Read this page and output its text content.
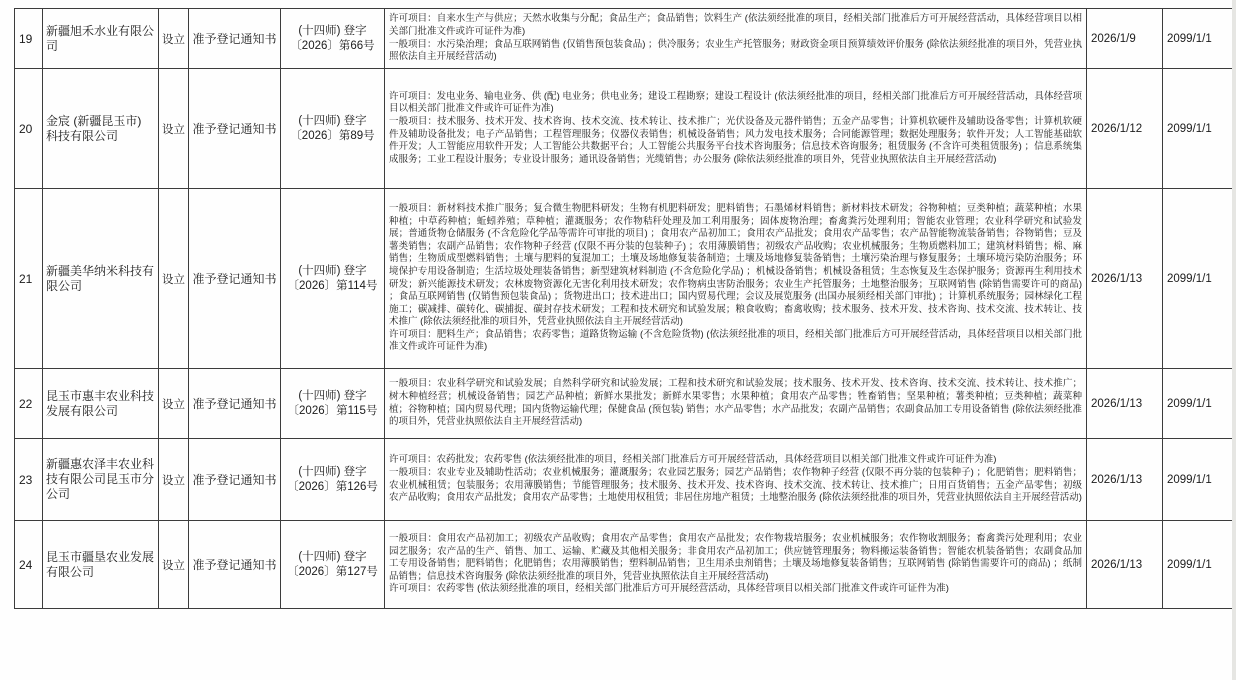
19	新疆旭禾水业有限公司	设立	准予登记通知书	(十四师) 登字〔2026〕第66号	许可项目：自来水生产与供应；天然水收集与分配；食品生产；食品销售；饮料生产 (依法须经批准的项目，经相关部门批准后方可开展经营活动，具体经营项目以相关部门批准文件或许可证件为准)
一般项目：水污染治理；食品互联网销售 (仅销售预包装食品) ；供冷服务；农业生产托管服务；财政资金项目预算绩效评价服务 (除依法须经批准的项目外，凭营业执照依法自主开展经营活动)	2026/1/9	2099/1/1
20	金宸 (新疆昆玉市) 科技有限公司	设立	准予登记通知书	(十四师) 登字〔2026〕第89号	许可项目：发电业务、输电业务、供 (配) 电业务；供电业务；建设工程勘察；建设工程设计 (依法须经批准的项目，经相关部门批准后方可开展经营活动，具体经营项目以相关部门批准文件或许可证件为准)
一般项目：技术服务、技术开发、技术咨询、技术交流、技术转让、技术推广；光伏设备及元器件销售；五金产品零售；计算机软硬件及辅助设备零售；计算机软硬件及辅助设备批发；电子产品销售；工程管理服务；仪器仪表销售；机械设备销售；风力发电技术服务；合同能源管理；数据处理服务；软件开发；人工智能基础软件开发；人工智能应用软件开发；人工智能公共数据平台；人工智能公共服务平台技术咨询服务；信息技术咨询服务；租赁服务 (不含许可类租赁服务) ；信息系统集成服务；工业工程设计服务；专业设计服务；通讯设备销售；光缆销售；办公服务 (除依法须经批准的项目外，凭营业执照依法自主开展经营活动)	2026/1/12	2099/1/1
21	新疆美华纳米科技有限公司	设立	准予登记通知书	(十四师) 登字〔2026〕第114号	一般项目：新材料技术推广服务；复合微生物肥料研发；生物有机肥料研发；肥料销售；石墨烯材料销售；新材料技术研发；谷物种植；豆类种植；蔬菜种植；水果种植；中草药种植；蚯蚓养殖；草种植；灌溉服务；农作物秸秆处理及加工利用服务；固体废物治理；畜禽粪污处理利用；智能农业管理；农业科学研究和试验发展；普通货物仓储服务 (不含危险化学品等需许可审批的项目) ；食用农产品初加工；食用农产品批发；食用农产品零售；农产品智能物流装备销售；谷物销售；豆及薯类销售；农副产品销售；农作物种子经营 (仅限不再分装的包装种子) ；农用薄膜销售；初级农产品收购；农业机械服务；生物质燃料加工；建筑材料销售；棉、麻销售；生物质成型燃料销售；土壤与肥料的复混加工；土壤及场地修复装备制造；土壤及场地修复装备销售；土壤污染治理与修复服务；土壤环境污染防治服务；环境保护专用设备制造；生活垃圾处理装备销售；新型建筑材料制造 (不含危险化学品) ；机械设备销售；机械设备租赁；生态恢复及生态保护服务；资源再生利用技术研发；新兴能源技术研发；农林废物资源化无害化利用技术研发；农作物病虫害防治服务；农业生产托管服务；土地整治服务；互联网销售 (除销售需要许可的商品) ；食品互联网销售 (仅销售预包装食品) ；货物进出口；技术进出口；国内贸易代理；会议及展览服务 (出国办展须经相关部门审批) ；计算机系统服务；园林绿化工程施工；碳减排、碳转化、碳捕捉、碳封存技术研发；工程和技术研究和试验发展；粮食收购；畜禽收购；技术服务、技术开发、技术咨询、技术交流、技术转让、技术推广 (除依法须经批准的项目外，凭营业执照依法自主开展经营活动)
许可项目：肥料生产；食品销售；农药零售；道路货物运输 (不含危险货物) (依法须经批准的项目，经相关部门批准后方可开展经营活动，具体经营项目以相关部门批准文件或许可证件为准)	2026/1/13	2099/1/1
22	昆玉市惠丰农业科技发展有限公司	设立	准予登记通知书	(十四师) 登字〔2026〕第115号	一般项目：农业科学研究和试验发展；自然科学研究和试验发展；工程和技术研究和试验发展；技术服务、技术开发、技术咨询、技术交流、技术转让、技术推广；树木种植经营；机械设备销售；园艺产品种植；新鲜水果批发；新鲜水果零售；水果种植；食用农产品零售；牲畜销售；坚果种植；薯类种植；豆类种植；蔬菜种植；谷物种植；国内贸易代理；国内货物运输代理；保健食品 (预包装) 销售；水产品零售；水产品批发；农副产品销售；农副食品加工专用设备销售 (除依法须经批准的项目外，凭营业执照依法自主开展经营活动)	2026/1/13	2099/1/1
23	新疆惠农泽丰农业科技有限公司昆玉市分公司	设立	准予登记通知书	(十四师) 登字〔2026〕第126号	许可项目：农药批发；农药零售 (依法须经批准的项目，经相关部门批准后方可开展经营活动，具体经营项目以相关部门批准文件或许可证件为准)
一般项目：农业专业及辅助性活动；农业机械服务；灌溉服务；农业园艺服务；园艺产品销售；农作物种子经营 (仅限不再分装的包装种子) ；化肥销售；肥料销售；农业机械租赁；包装服务；农用薄膜销售；节能管理服务；技术服务、技术开发、技术咨询、技术交流、技术转让、技术推广；日用百货销售；五金产品零售；初级农产品收购；食用农产品批发；食用农产品零售；土地使用权租赁；非居住房地产租赁；土地整治服务 (除依法须经批准的项目外，凭营业执照依法自主开展经营活动)	2026/1/13	2099/1/1
24	昆玉市疆垦农业发展有限公司	设立	准予登记通知书	(十四师) 登字〔2026〕第127号	一般项目：食用农产品初加工；初级农产品收购；食用农产品零售；食用农产品批发；农作物栽培服务；农业机械服务；农作物收割服务；畜禽粪污处理利用；农业园艺服务；农产品的生产、销售、加工、运输、贮藏及其他相关服务；非食用农产品初加工；供应链管理服务；物料搬运装备销售；智能农机装备销售；农副食品加工专用设备销售；肥料销售；化肥销售；农用薄膜销售；塑料制品销售；卫生用杀虫剂销售；土壤及场地修复装备销售；互联网销售 (除销售需要许可的商品) ；纸制品销售；信息技术咨询服务 (除依法须经批准的项目外，凭营业执照依法自主开展经营活动)
许可项目：农药零售 (依法须经批准的项目，经相关部门批准后方可开展经营活动，具体经营项目以相关部门批准文件或许可证件为准)	2026/1/13	2099/1/1
